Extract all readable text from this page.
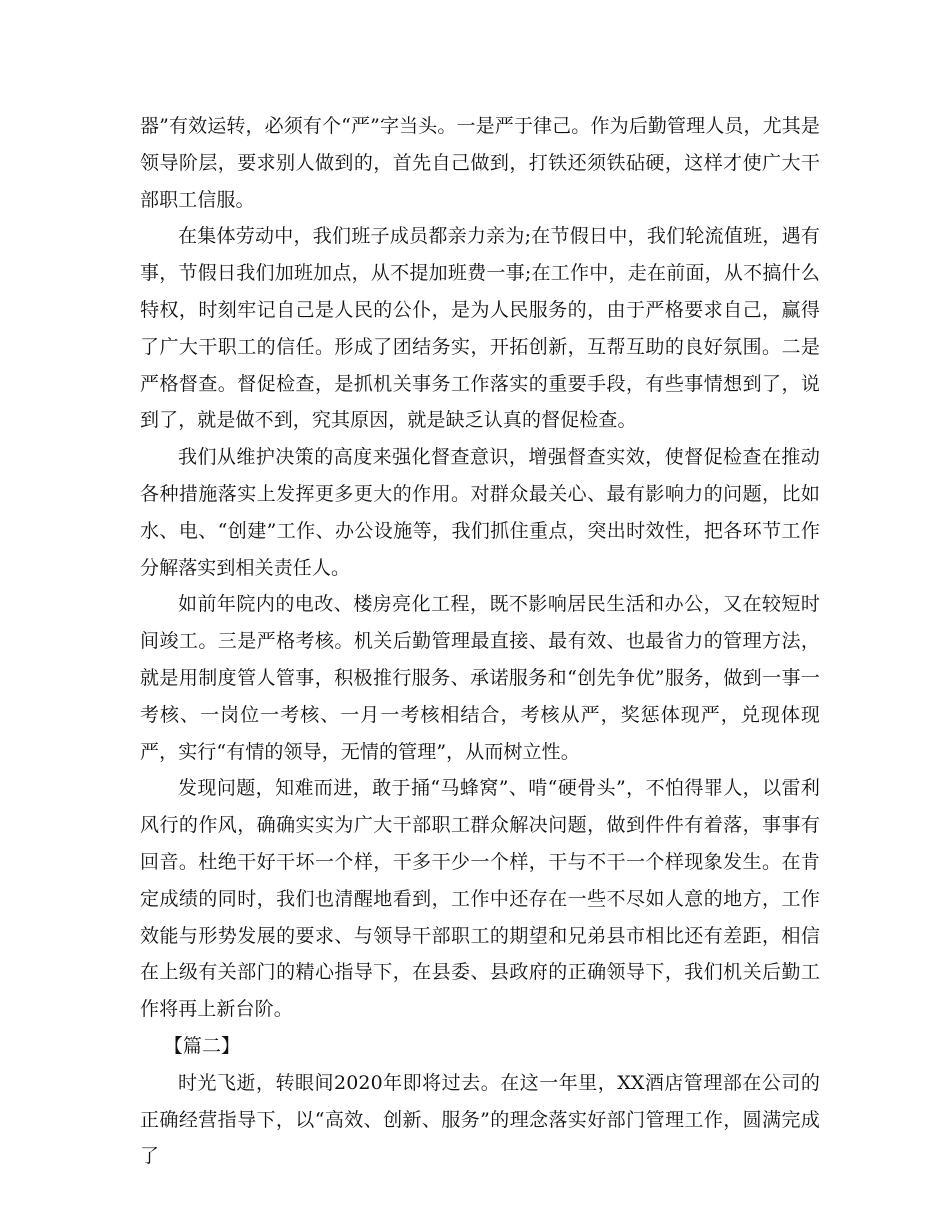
器”有效运转，必须有个“严”字当头。一是严于律己。作为后勤管理人员，尤其是领导阶层，要求别人做到的，首先自己做到，打铁还须铁砧硬，这样才使广大干部职工信服。

在集体劳动中，我们班子成员都亲力亲为;在节假日中，我们轮流值班，遇有事，节假日我们加班加点，从不提加班费一事;在工作中，走在前面，从不搞什么特权，时刻牢记自己是人民的公仆，是为人民服务的，由于严格要求自己，赢得了广大干职工的信任。形成了团结务实，开拓创新，互帮互助的良好氛围。二是严格督查。督促检查，是抓机关事务工作落实的重要手段，有些事情想到了，说到了，就是做不到，究其原因，就是缺乏认真的督促检查。

我们从维护决策的高度来强化督查意识，增强督查实效，使督促检查在推动各种措施落实上发挥更多更大的作用。对群众最关心、最有影响力的问题，比如水、电、“创建”工作、办公设施等，我们抓住重点，突出时效性，把各环节工作分解落实到相关责任人。

如前年院内的电改、楼房亮化工程，既不影响居民生活和办公，又在较短时间竣工。三是严格考核。机关后勤管理最直接、最有效、也最省力的管理方法，就是用制度管人管事，积极推行服务、承诺服务和“创先争优”服务，做到一事一考核、一岗位一考核、一月一考核相结合，考核从严，奖惩体现严，兑现体现严，实行“有情的领导，无情的管理”，从而树立性。

发现问题，知难而进，敢于捅“马蜂窝”、啃“硬骨头”，不怕得罪人，以雷利风行的作风，确确实实为广大干部职工群众解决问题，做到件件有着落，事事有回音。杜绝干好干坏一个样，干多干少一个样，干与不干一个样现象发生。在肯定成绩的同时，我们也清醒地看到，工作中还存在一些不尽如人意的地方，工作效能与形势发展的要求、与领导干部职工的期望和兄弟县市相比还有差距，相信在上级有关部门的精心指导下，在县委、县政府的正确领导下，我们机关后勤工作将再上新台阶。

【篇二】

时光飞逝，转眼间2020年即将过去。在这一年里，XX酒店管理部在公司的正确经营指导下，以“高效、创新、服务”的理念落实好部门管理工作，圆满完成了
